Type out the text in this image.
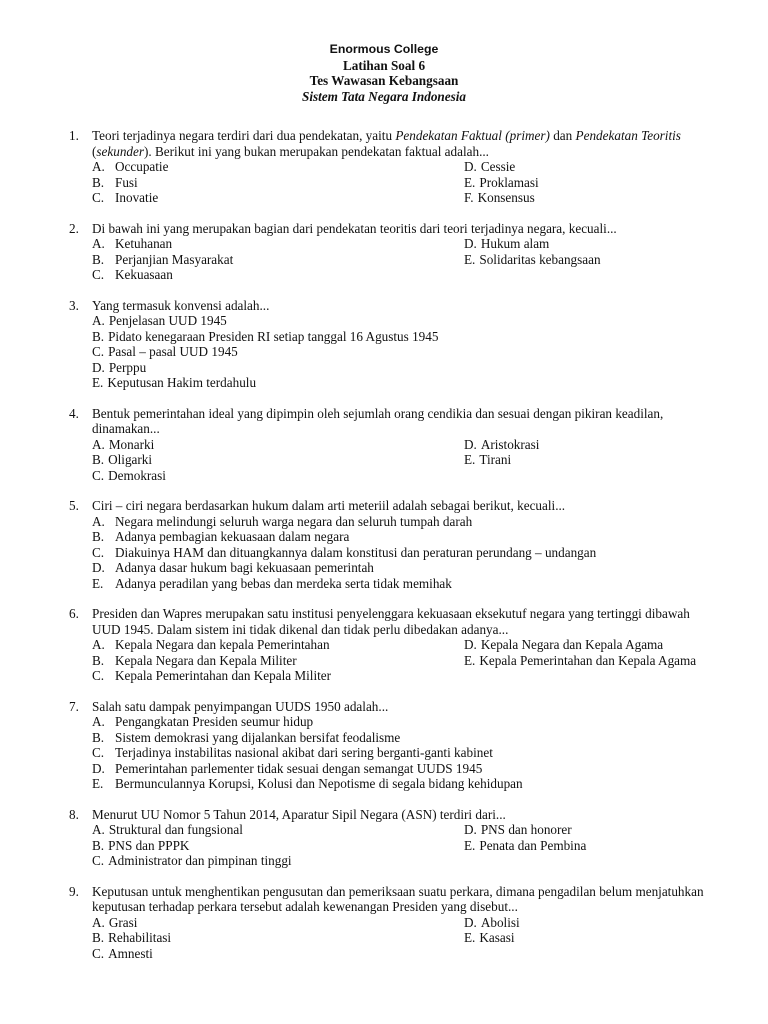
Enormous College
Latihan Soal 6
Tes Wawasan Kebangsaan
Sistem Tata Negara Indonesia
1. Teori terjadinya negara terdiri dari dua pendekatan, yaitu Pendekatan Faktual (primer) dan Pendekatan Teoritis (sekunder). Berikut ini yang bukan merupakan pendekatan faktual adalah...
A. Occupatie	D. Cessie
B. Fusi	E. Proklamasi
C. Inovatie	F. Konsensus
2. Di bawah ini yang merupakan bagian dari pendekatan teoritis dari teori terjadinya negara, kecuali...
A. Ketuhanan	D. Hukum alam
B. Perjanjian Masyarakat	E. Solidaritas kebangsaan
C. Kekuasaan
3. Yang termasuk konvensi adalah...
A. Penjelasan UUD 1945
B. Pidato kenegaraan Presiden RI setiap tanggal 16 Agustus 1945
C. Pasal – pasal UUD 1945
D. Perppu
E. Keputusan Hakim terdahulu
4. Bentuk pemerintahan ideal yang dipimpin oleh sejumlah orang cendikia dan sesuai dengan pikiran keadilan, dinamakan...
A. Monarki	D. Aristokrasi
B. Oligarki	E. Tirani
C. Demokrasi
5. Ciri – ciri negara berdasarkan hukum dalam arti meteriil adalah sebagai berikut, kecuali...
A. Negara melindungi seluruh warga negara dan seluruh tumpah darah
B. Adanya pembagian kekuasaan dalam negara
C. Diakuinya HAM dan dituangkannya dalam konstitusi dan peraturan perundang – undangan
D. Adanya dasar hukum bagi kekuasaan pemerintah
E. Adanya peradilan yang bebas dan merdeka serta tidak memihak
6. Presiden dan Wapres merupakan satu institusi penyelenggara kekuasaan eksekutuf negara yang tertinggi dibawah UUD 1945. Dalam sistem ini tidak dikenal dan tidak perlu dibedakan adanya...
A. Kepala Negara dan kepala Pemerintahan	D. Kepala Negara dan Kepala Agama
B. Kepala Negara dan Kepala Militer	E. Kepala Pemerintahan dan Kepala Agama
C. Kepala Pemerintahan dan Kepala Militer
7. Salah satu dampak penyimpangan UUDS 1950 adalah...
A. Pengangkatan Presiden seumur hidup
B. Sistem demokrasi yang dijalankan bersifat feodalisme
C. Terjadinya instabilitas nasional akibat dari sering berganti-ganti kabinet
D. Pemerintahan parlementer tidak sesuai dengan semangat UUDS 1945
E. Bermunculannya Korupsi, Kolusi dan Nepotisme di segala bidang kehidupan
8. Menurut UU Nomor 5 Tahun 2014, Aparatur Sipil Negara (ASN) terdiri dari...
A. Struktural dan fungsional	D. PNS dan honorer
B. PNS dan PPPK	E. Penata dan Pembina
C. Administrator dan pimpinan tinggi
9. Keputusan untuk menghentikan pengusutan dan pemeriksaan suatu perkara, dimana pengadilan belum menjatuhkan keputusan terhadap perkara tersebut adalah kewenangan Presiden yang disebut...
A. Grasi	D. Abolisi
B. Rehabilitasi	E. Kasasi
C. Amnesti
